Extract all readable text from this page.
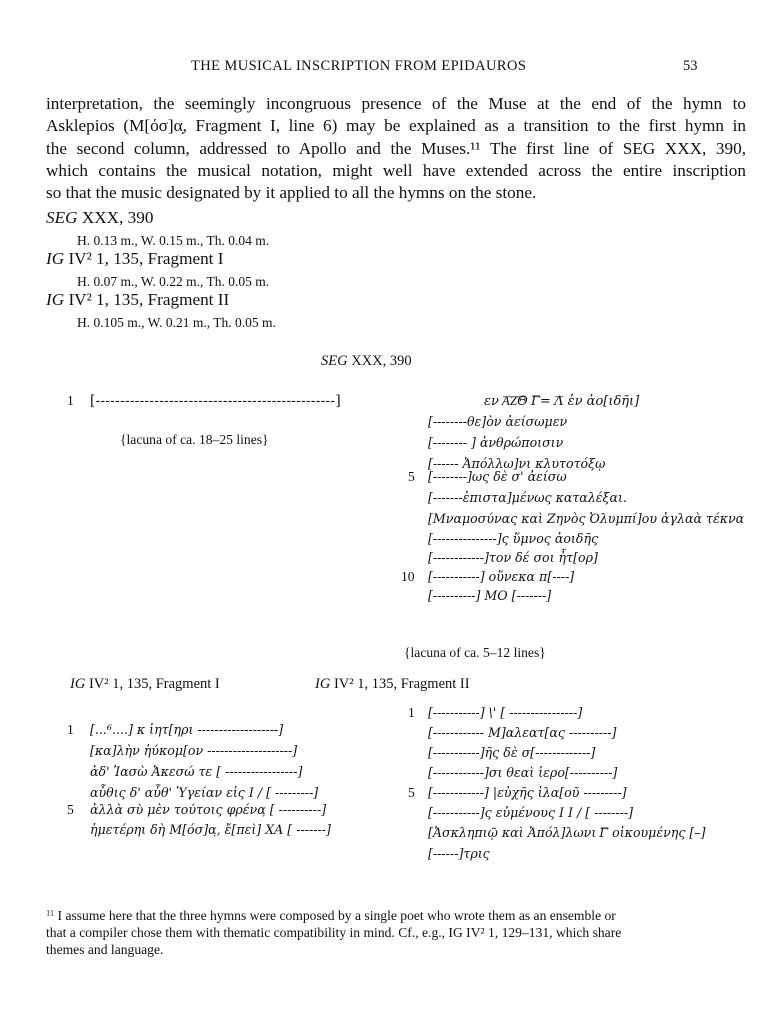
THE MUSICAL INSCRIPTION FROM EPIDAUROS

	53

interpretation, the seemingly incongruous presence of the Muse at the end of the hymn to
Asklepios (M[όσ]α̣, Fragment I, line 6) may be explained as a transition to the first hymn in
the second column, addressed to Apollo and the Muses.¹¹ The first line of SEG XXX, 390,
which contains the musical notation, might well have extended across the entire inscription
so that the music designated by it applied to all the hymns on the stone.
SEG XXX, 390
H. 0.13 m., W. 0.15 m., Th. 0.04 m.
IG IV² 1, 135, Fragment I
H. 0.07 m., W. 0.22 m., Th. 0.05 m.
IG IV² 1, 135, Fragment II
H. 0.105 m., W. 0.21 m., Th. 0.05 m.
SEG XXX, 390
1 [-------------------------------------------------]	εν ͞Α͞Ζ͞Θ ͞Γ= ͞Λ ἐν ἀο[ιδῆι]
{lacuna of ca. 18–25 lines}
[--------θε]ὸν ἀείσωμεν
[-------- ] ἀνθρώποισιν
[------ Ἀπόλλω]νι κλυτοτόξῳ
5 [--------]ως δὲ σ' ἀείσω
[-------ἐπιστα]μένως καταλέξαι.
[Μναμοσύνας καὶ Ζηνὸς Ὀλυμπί]ου ἀγλαὰ τέκνα
[---------------]ς ὕμνος ἀοιδῆς
[------------]τον δέ σοι ἦτ[ορ]
10 [-----------] οὕνεκα π[----]
[----------] ΜΟ [-------]
{lacuna of ca. 5–12 lines}
IG IV² 1, 135, Fragment I	IG IV² 1, 135, Fragment II
1 [...⁶....] κ ἰητ[ηρι -------------------]
[κα]λὴν ἠύκομ[ον --------------------]
ἀδ' Ἰασὼ Ἀκεσώ τε [ -----------------]
αὖθις δ' αὖθ' Ὑγείαν εἰς Ι / [ ---------]
5 ἀλλὰ σὺ μὲν τούτοις φρένα̣ [ ----------]
ἡμετέρηι δὴ Μ[όσ]α̣, ἔ[πεὶ] ΧΑ [ -------]
1 [-----------] \' [ ----------------]
[------------ Μ]αλεατ[ας ----------]
[-----------]ῆς δὲ σ[-------------]
[------------]σι θεαὶ ἱερο[----------]
5 [------------] |εὐχῆς ἱλα[οῦ ---------]
[-----------]ς εὐμένους Ι Ι / [ --------]
[Ἀσκληπιῷ καὶ Ἀπόλ]λωνι ͞Γ οἰκουμένης [–]
[------]τρις
$^{11}$ I assume here that the three hymns were composed by a single poet who wrote them as an ensemble or
that a compiler chose them with thematic compatibility in mind. Cf., e.g., IG IV² 1, 129–131, which share
themes and language.
